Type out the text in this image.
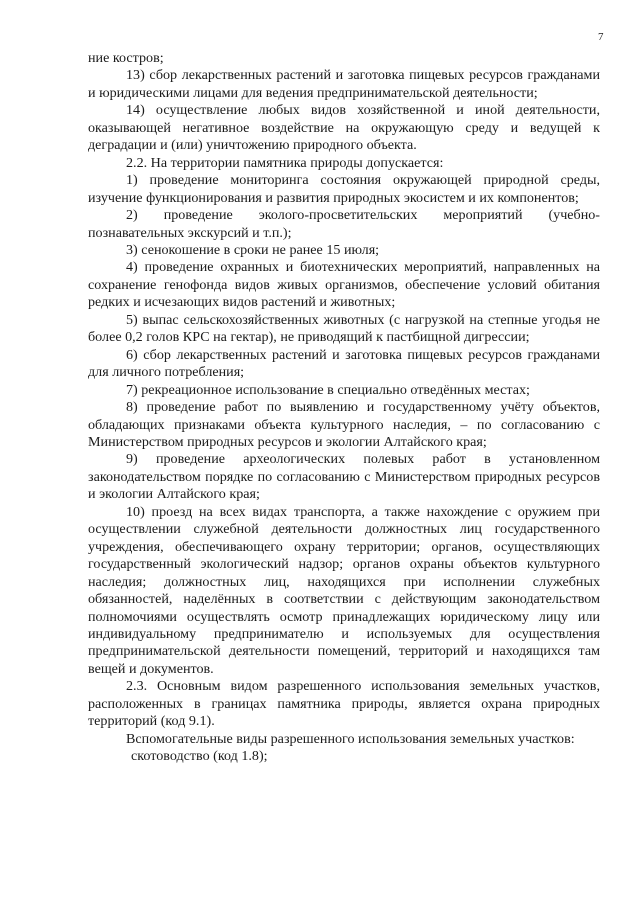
7

ние костров;

13) сбор лекарственных растений и заготовка пищевых ресурсов гражданами и юридическими лицами для ведения предпринимательской деятельности;

14) осуществление любых видов хозяйственной и иной деятельности, оказывающей негативное воздействие на окружающую среду и ведущей к деградации и (или) уничтожению природного объекта.

2.2. На территории памятника природы допускается:

1) проведение мониторинга состояния окружающей природной среды, изучение функционирования и развития природных экосистем и их компонентов;

2) проведение эколого-просветительских мероприятий (учебно-познавательных экскурсий и т.п.);

3) сенокошение в сроки не ранее 15 июля;

4) проведение охранных и биотехнических мероприятий, направленных на сохранение генофонда видов живых организмов, обеспечение условий обитания редких и исчезающих видов растений и животных;

5) выпас сельскохозяйственных животных (с нагрузкой на степные угодья не более 0,2 голов КРС на гектар), не приводящий к пастбищной дигрессии;

6) сбор лекарственных растений и заготовка пищевых ресурсов гражданами для личного потребления;

7) рекреационное использование в специально отведённых местах;

8) проведение работ по выявлению и государственному учёту объектов, обладающих признаками объекта культурного наследия, – по согласованию с Министерством природных ресурсов и экологии Алтайского края;

9) проведение археологических полевых работ в установленном законодательством порядке по согласованию с Министерством природных ресурсов и экологии Алтайского края;

10) проезд на всех видах транспорта, а также нахождение с оружием при осуществлении служебной деятельности должностных лиц государственного учреждения, обеспечивающего охрану территории; органов, осуществляющих государственный экологический надзор; органов охраны объектов культурного наследия; должностных лиц, находящихся при исполнении служебных обязанностей, наделённых в соответствии с действующим законодательством полномочиями осуществлять осмотр принадлежащих юридическому лицу или индивидуальному предпринимателю и используемых для осуществления предпринимательской деятельности помещений, территорий и находящихся там вещей и документов.

2.3. Основным видом разрешенного использования земельных участков, расположенных в границах памятника природы, является охрана природных территорий (код 9.1).

Вспомогательные виды разрешенного использования земельных участков:

скотоводство (код 1.8);
